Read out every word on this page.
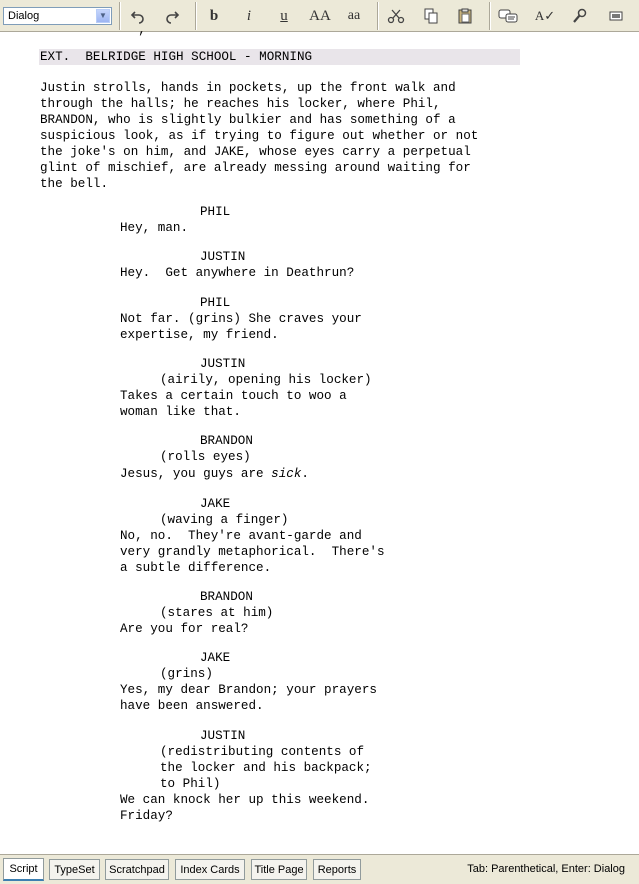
Dialog	▼	b	i	u	AA	aa	A✓
,
EXT.  BELRIDGE HIGH SCHOOL - MORNING
Justin strolls, hands in pockets, up the front walk and
through the halls; he reaches his locker, where Phil,
BRANDON, who is slightly bulkier and has something of a
suspicious look, as if trying to figure out whether or not
the joke's on him, and JAKE, whose eyes carry a perpetual
glint of mischief, are already messing around waiting for
the bell.
PHIL
Hey, man.
JUSTIN
Hey.  Get anywhere in Deathrun?
PHIL
Not far. (grins) She craves your
expertise, my friend.
JUSTIN
(airily, opening his locker)
Takes a certain touch to woo a
woman like that.
BRANDON
(rolls eyes)
Jesus, you guys are sick.
JAKE
(waving a finger)
No, no.  They're avant-garde and
very grandly metaphorical.  There's
a subtle difference.
BRANDON
(stares at him)
Are you for real?
JAKE
(grins)
Yes, my dear Brandon; your prayers
have been answered.
JUSTIN
(redistributing contents of
the locker and his backpack;
to Phil)
We can knock her up this weekend.
Friday?
Script	TypeSet	Scratchpad	Index Cards	Title Page	Reports	Tab: Parenthetical, Enter: Dialog
